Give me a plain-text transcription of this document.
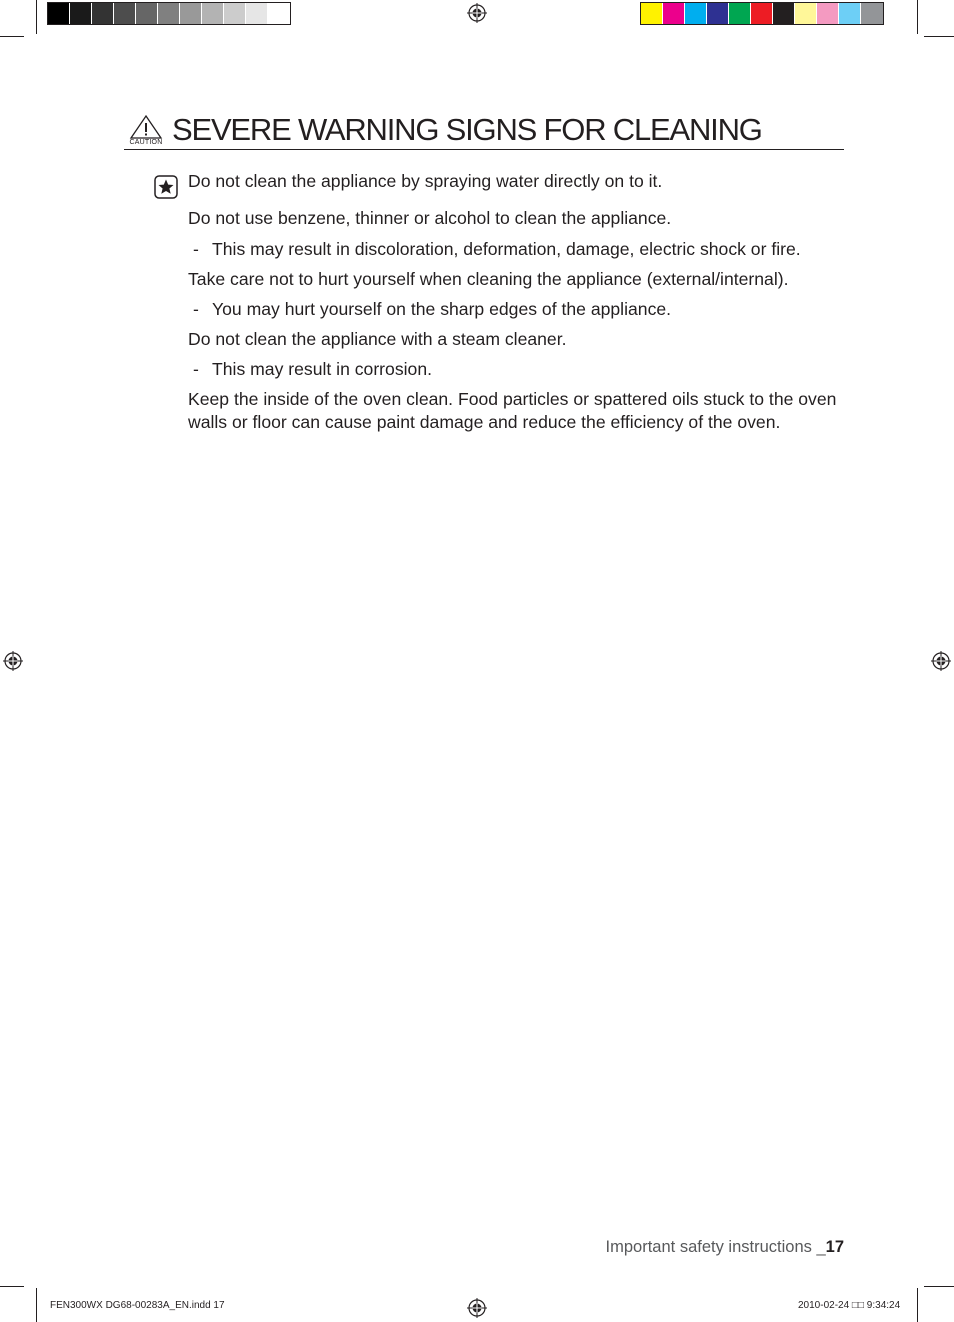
CAUTION SEVERE WARNING SIGNS FOR CLEANING
Do not clean the appliance by spraying water directly on to it.
Do not use benzene, thinner or alcohol to clean the appliance.
- This may result in discoloration, deformation, damage, electric shock or fire.
Take care not to hurt yourself when cleaning the appliance (external/internal).
- You may hurt yourself on the sharp edges of the appliance.
Do not clean the appliance with a steam cleaner.
- This may result in corrosion.
Keep the inside of the oven clean. Food particles or spattered oils stuck to the oven walls or floor can cause paint damage and reduce the efficiency of the oven.
Important safety instructions _17
FEN300WX DG68-00283A_EN.indd 17	2010-02-24 □□ 9:34:24
